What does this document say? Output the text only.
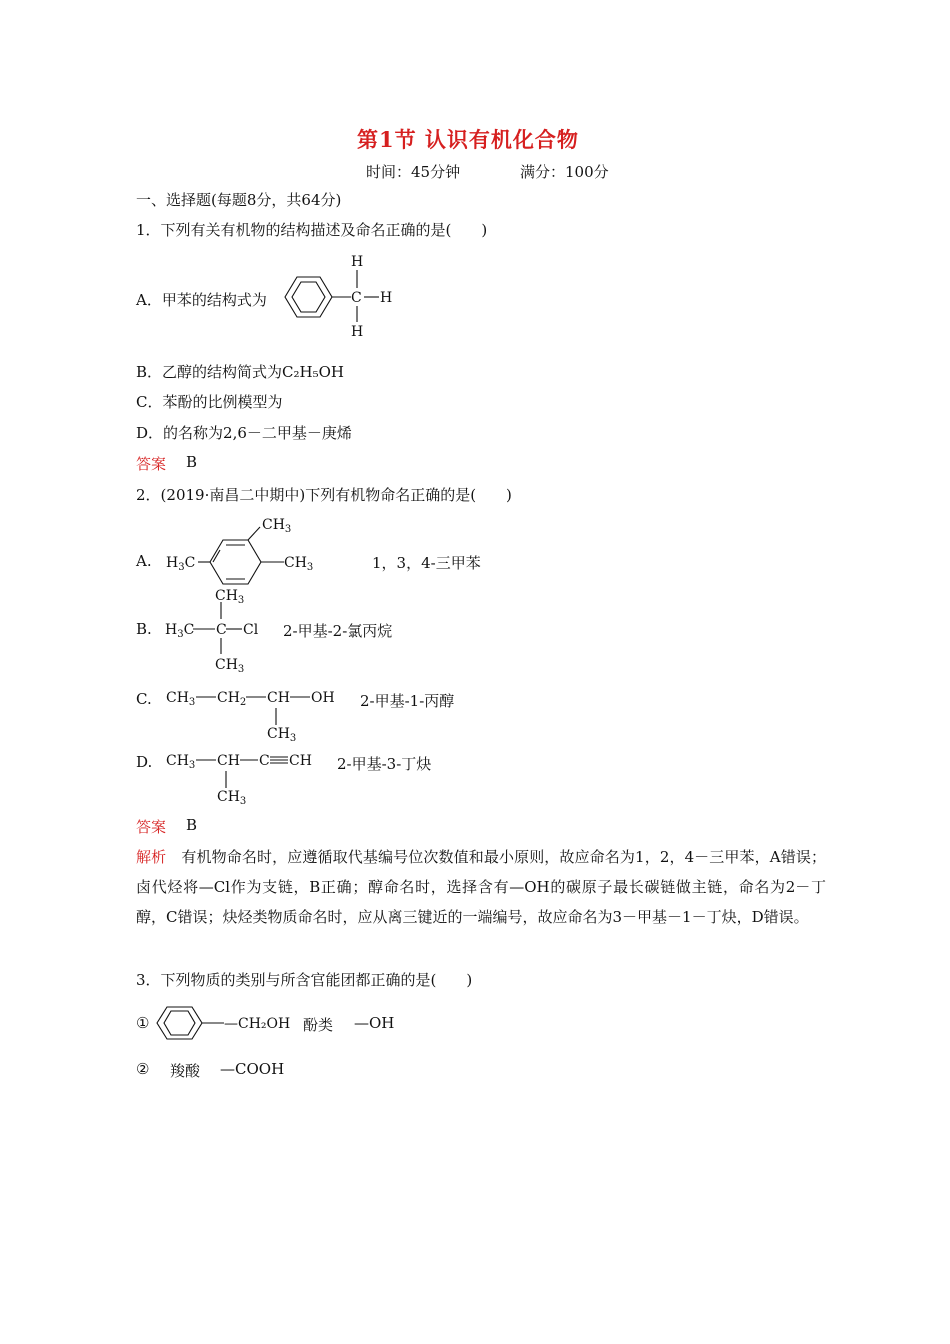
第1节 认识有机化合物
时间：45分钟	满分：100分
一、选择题(每题8分，共64分)
1．下列有关有机物的结构描述及命名正确的是(　　)
A．甲苯的结构式为	C
H
H
H
B．乙醇的结构简式为C₂H₅OH
C．苯酚的比例模型为
D．的名称为2,6－二甲基－庚烯
答案 B
2．(2019·南昌二中期中)下列有机物命名正确的是(　　)
A. $H_3C$
$CH_3$
$CH_3$	1，3，4-三甲苯
B. $H_3C$ C Cl
$CH_3$
$CH_3$
2-甲基-2-氯丙烷
C. $CH_3$ $CH_2$ CH OH
$CH_3$
2-甲基-1-丙醇
D. $CH_3$ CH C CH
$CH_3$
2-甲基-3-丁炔
答案 B
解析　 有机物命名时，应遵循取代基编号位次数值和最小原则，故应命名为1，2，4－三甲苯，A错误；卤代烃将—Cl作为支链，B正确；醇命名时，选择含有—OH的碳原子最长碳链做主链，命名为2－丁醇，C错误；炔烃类物质命名时，应从离三键近的一端编号，故应命名为3－甲基－1－丁炔，D错误。
3．下列物质的类别与所含官能团都正确的是(　　)
①	—CH₂OH 酚类 —OH
② 羧酸 —COOH
